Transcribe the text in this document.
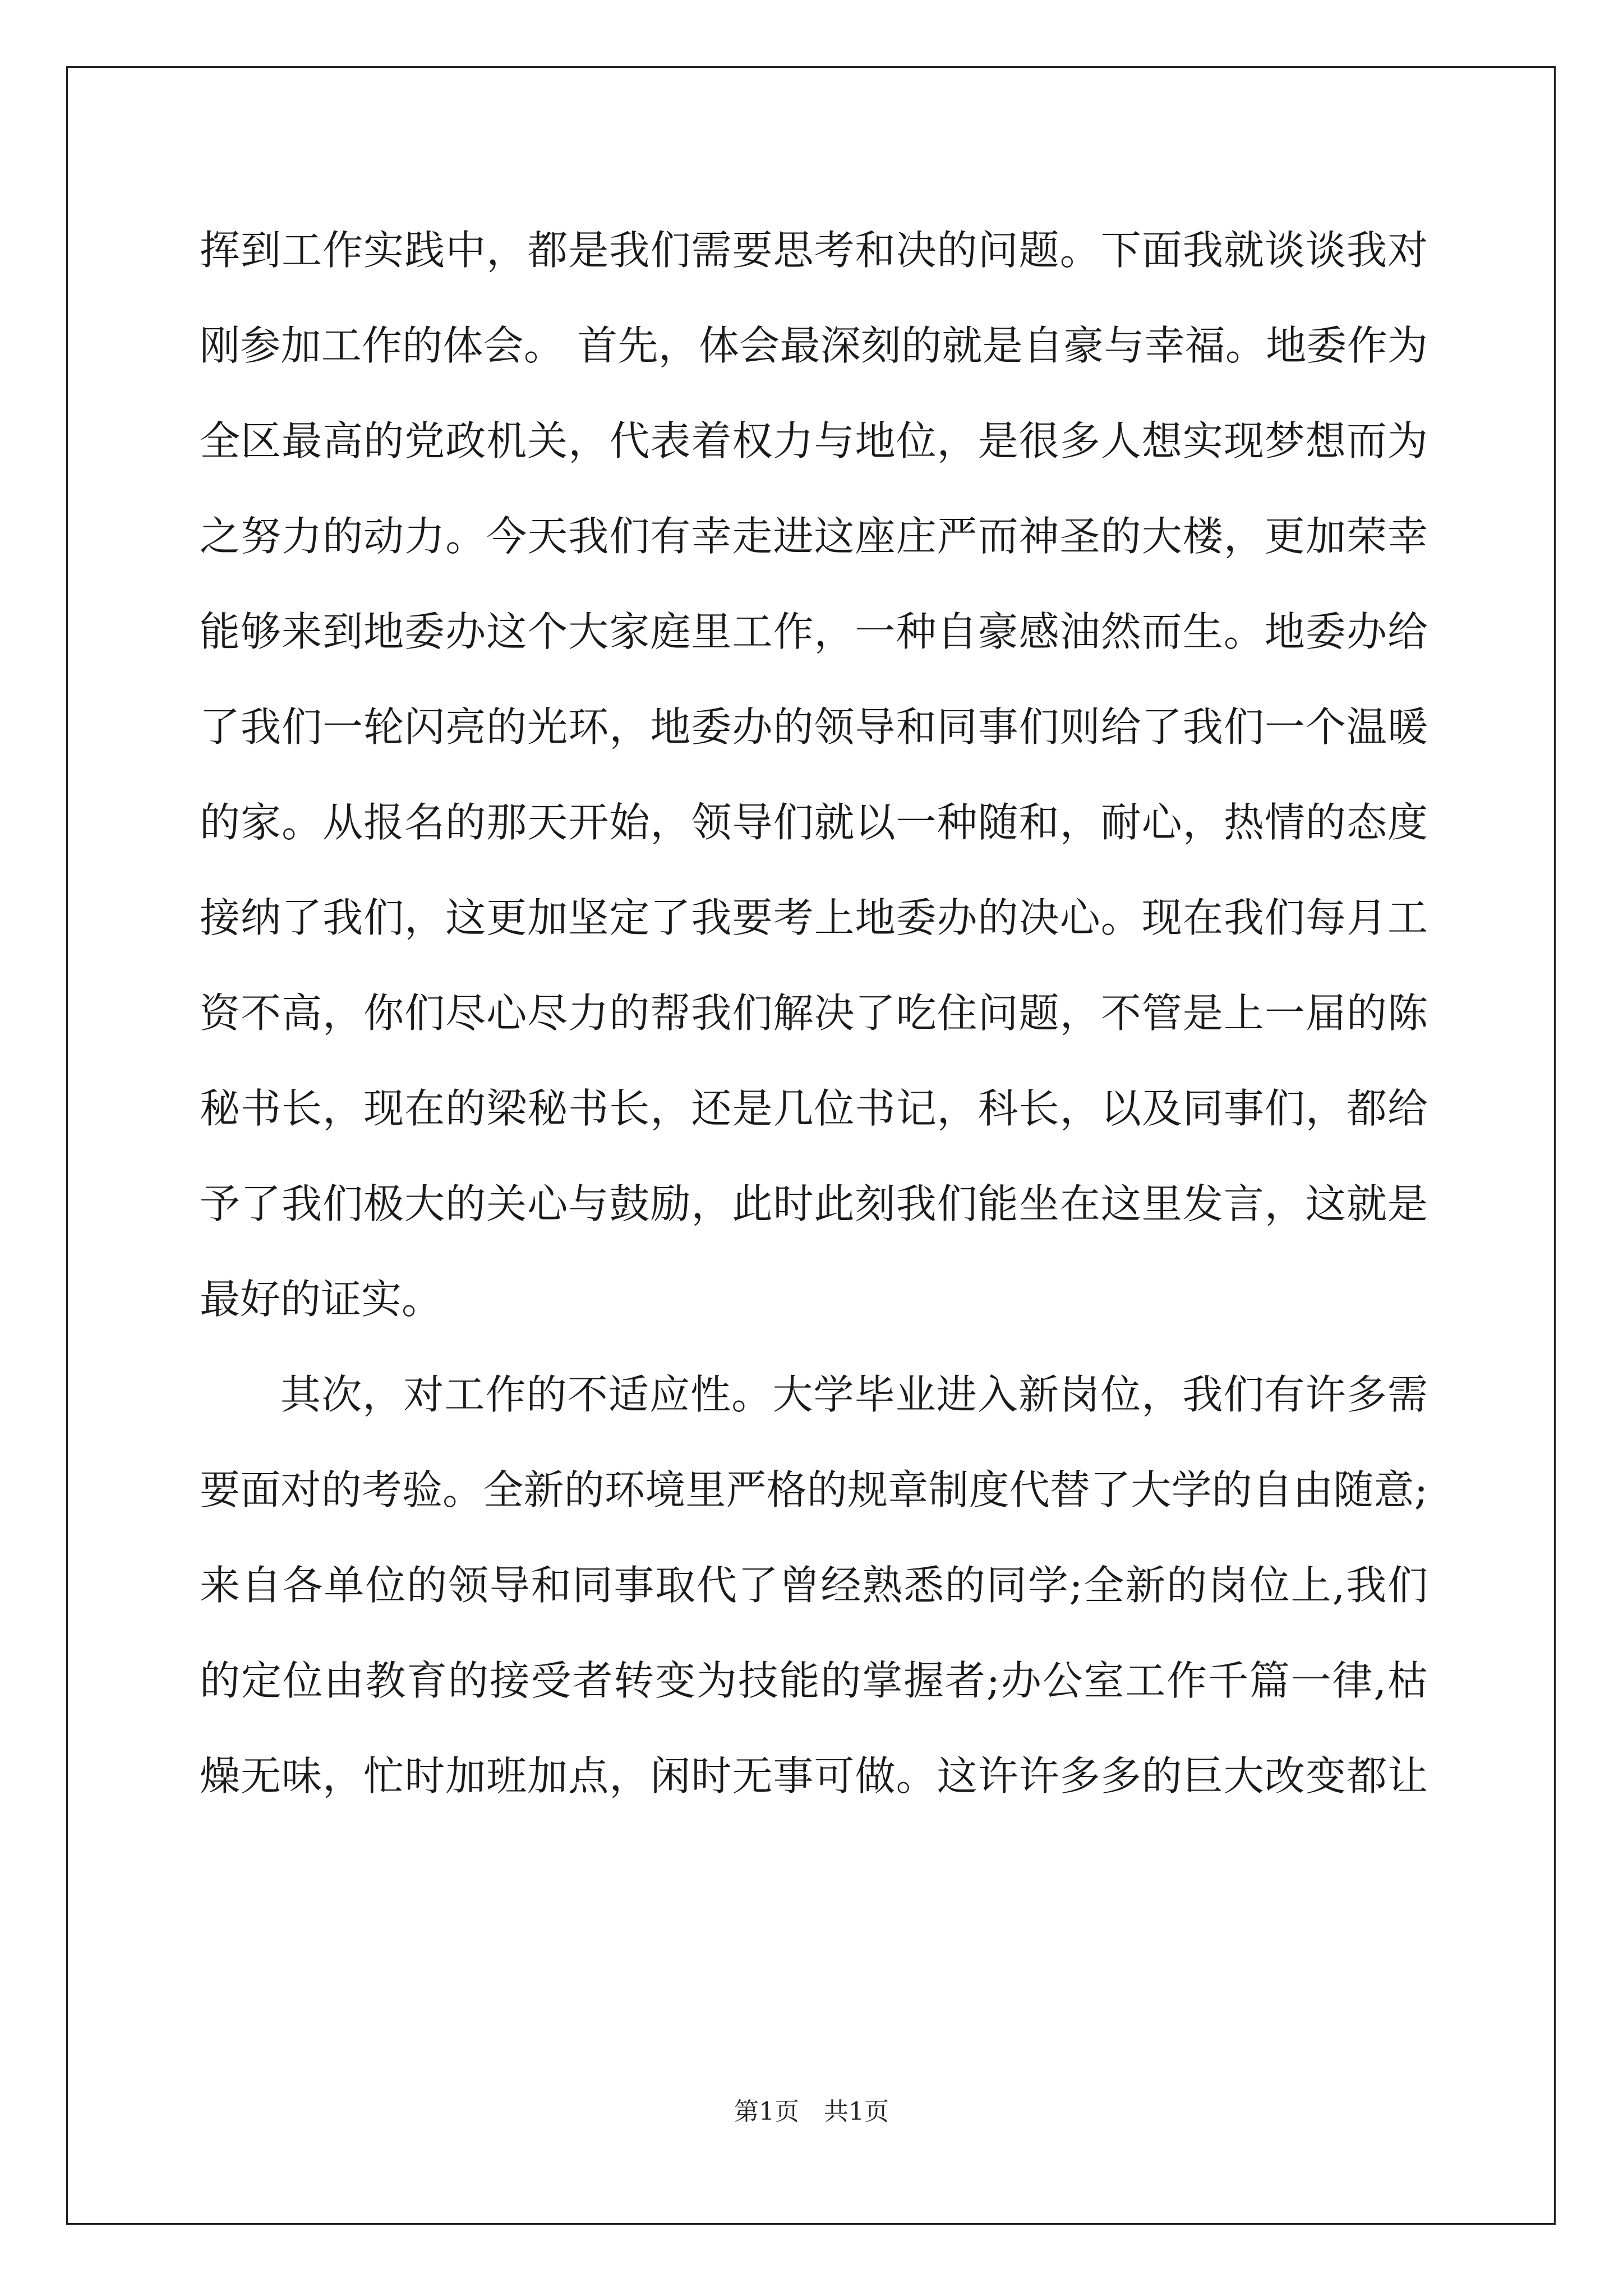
挥到工作实践中，都是我们需要思考和决的问题。下面我就谈谈我对
刚参加工作的体会。 首先，体会最深刻的就是自豪与幸福。地委作为
全区最高的党政机关，代表着权力与地位，是很多人想实现梦想而为
之努力的动力。今天我们有幸走进这座庄严而神圣的大楼，更加荣幸
能够来到地委办这个大家庭里工作，一种自豪感油然而生。地委办给
了我们一轮闪亮的光环，地委办的领导和同事们则给了我们一个温暖
的家。从报名的那天开始，领导们就以一种随和，耐心，热情的态度
接纳了我们，这更加坚定了我要考上地委办的决心。现在我们每月工
资不高，你们尽心尽力的帮我们解决了吃住问题，不管是上一届的陈
秘书长，现在的梁秘书长，还是几位书记，科长，以及同事们，都给
予了我们极大的关心与鼓励，此时此刻我们能坐在这里发言，这就是
最好的证实。
其次，对工作的不适应性。大学毕业进入新岗位，我们有许多需
要面对的考验。全新的环境里严格的规章制度代替了大学的自由随意;
来自各单位的领导和同事取代了曾经熟悉的同学;全新的岗位上,我们
的定位由教育的接受者转变为技能的掌握者;办公室工作千篇一律,枯
燥无味，忙时加班加点，闲时无事可做。这许许多多的巨大改变都让
第1页　共1页
